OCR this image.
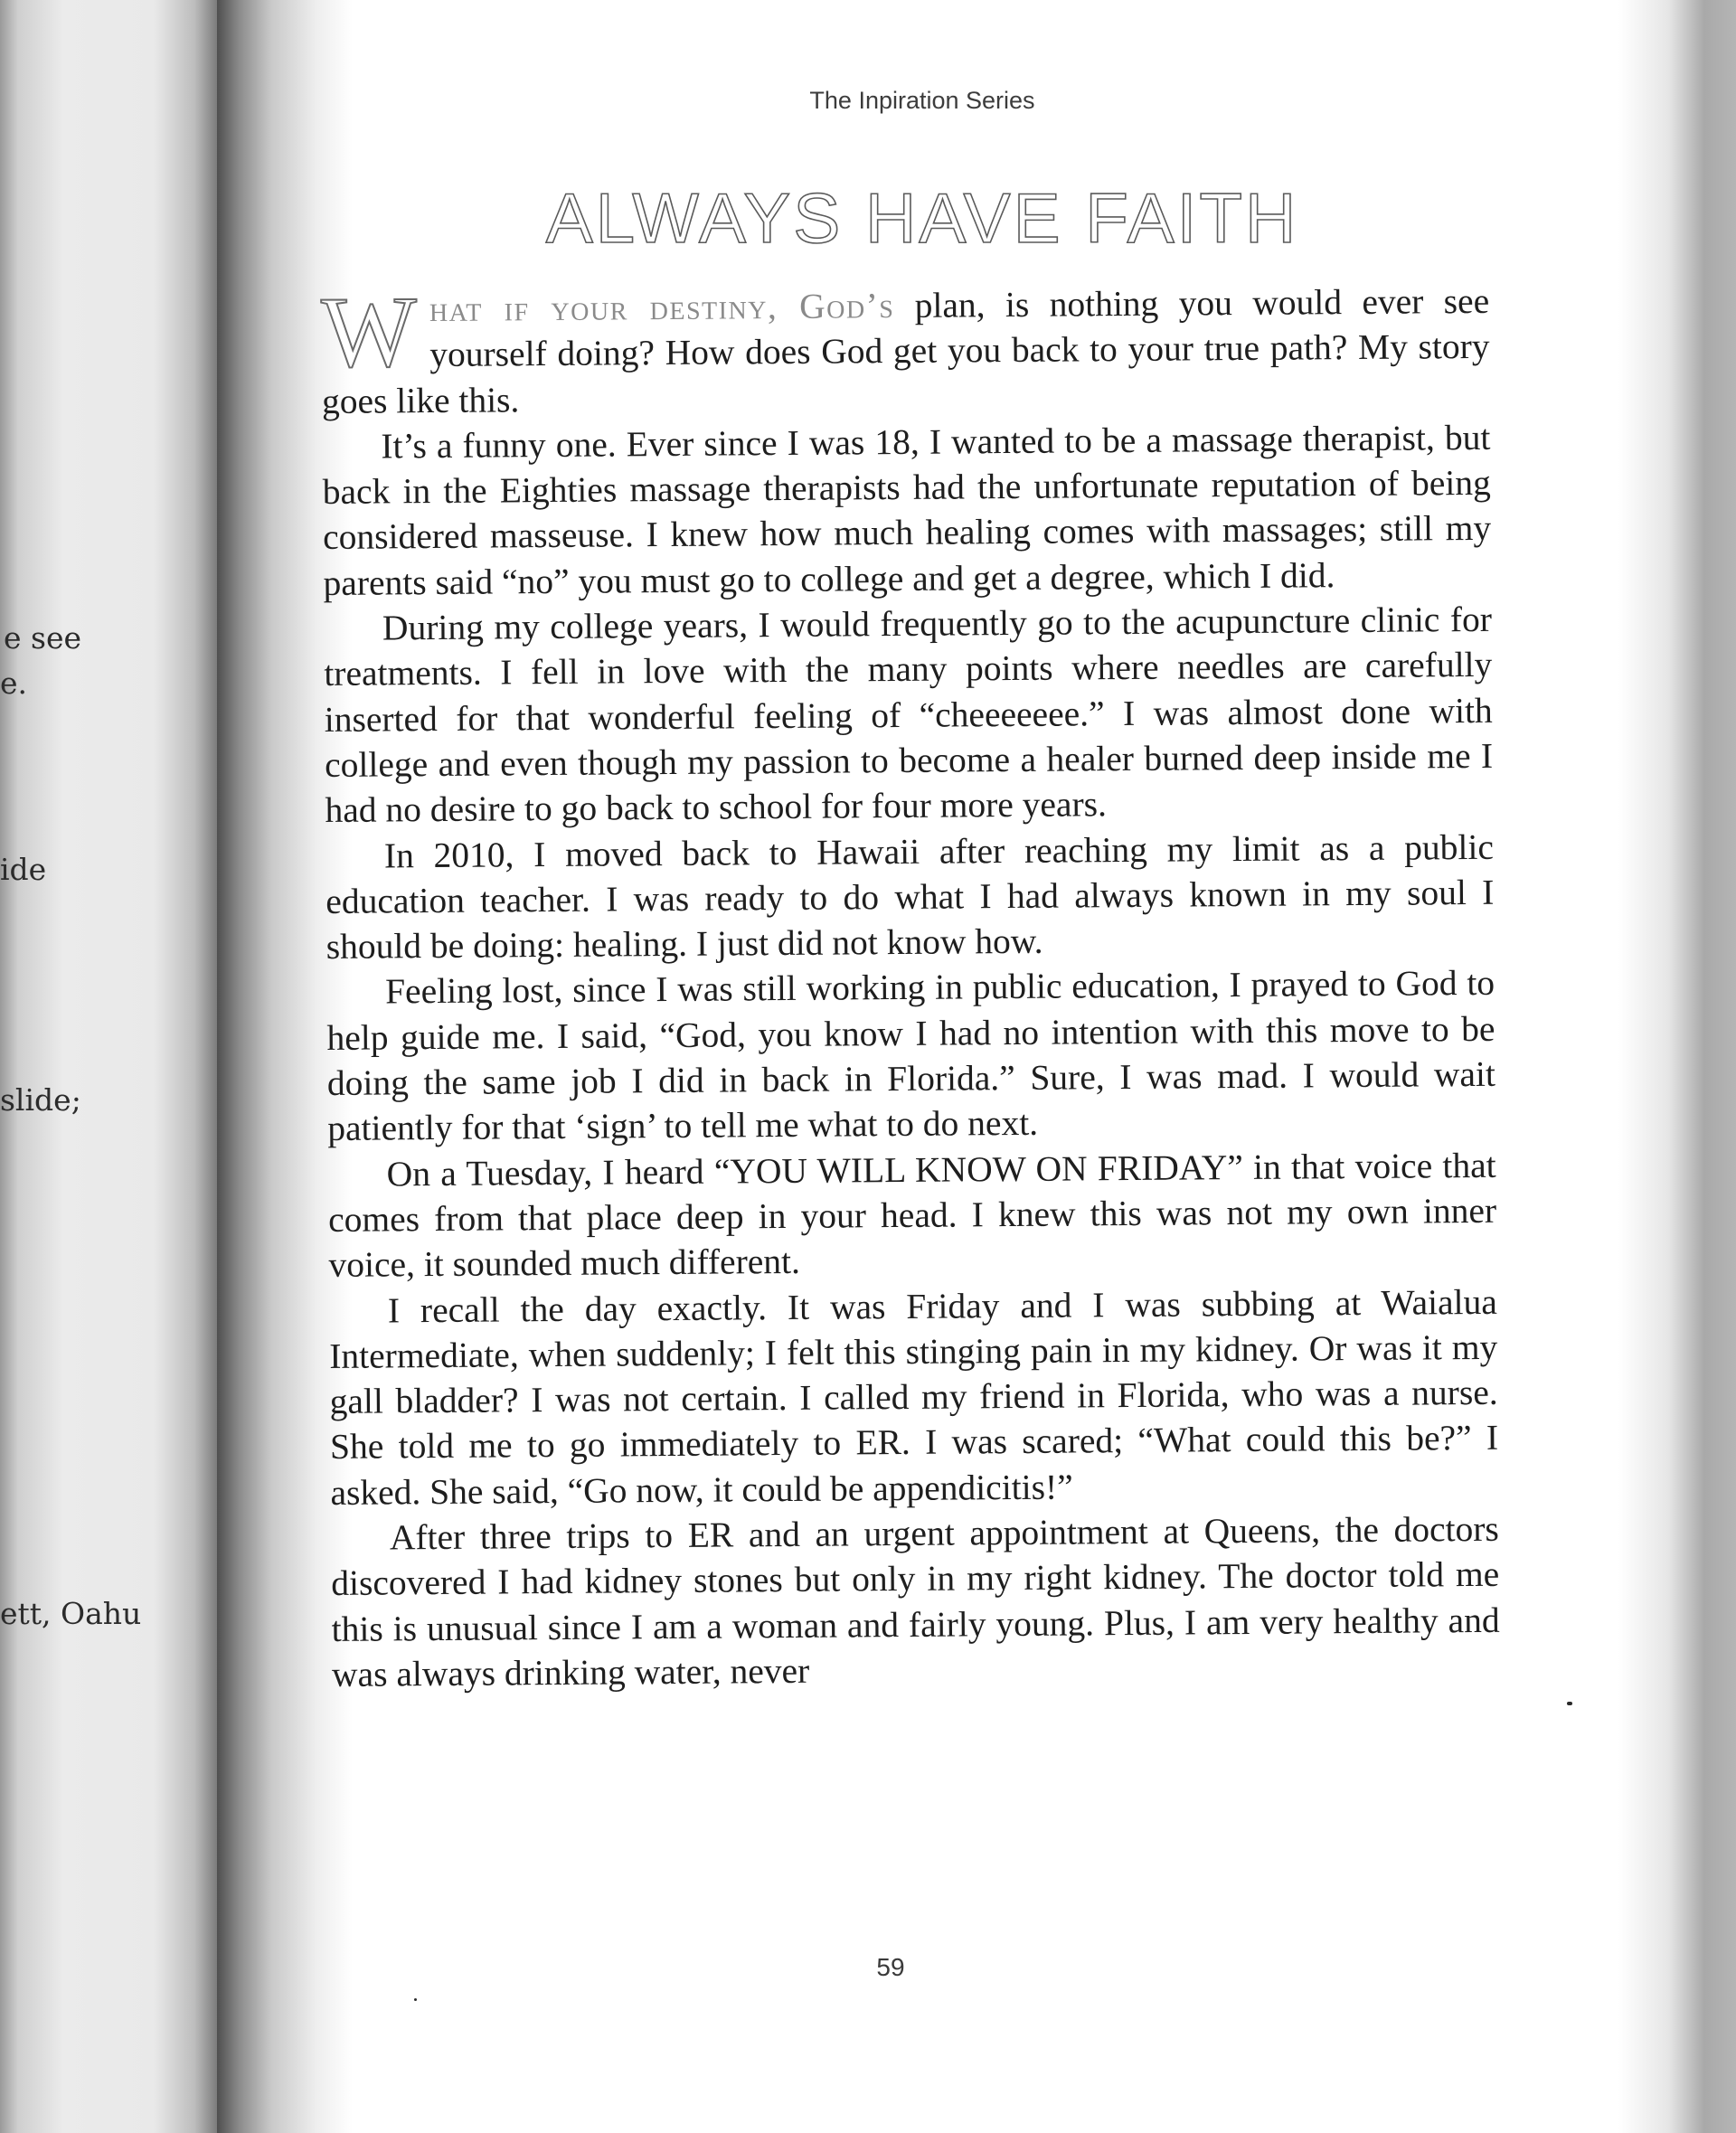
e see
e.
ide
slide;
ett, Oahu
The Inpiration Series
ALWAYS HAVE FAITH

What if your destiny, God’s plan, is nothing you would ever see yourself doing? How does God get you back to your true path? My story goes like this.

It’s a funny one. Ever since I was 18, I wanted to be a massage therapist, but back in the Eighties massage therapists had the unfortunate reputation of being considered masseuse. I knew how much healing comes with massages; still my parents said “no” you must go to college and get a degree, which I did.

During my college years, I would frequently go to the acupuncture clinic for treatments. I fell in love with the many points where needles are carefully inserted for that wonderful feeling of “cheeeeeee.” I was almost done with college and even though my passion to become a healer burned deep inside me I had no desire to go back to school for four more years.

In 2010, I moved back to Hawaii after reaching my limit as a public education teacher. I was ready to do what I had always known in my soul I should be doing: healing. I just did not know how.

Feeling lost, since I was still working in public education, I prayed to God to help guide me. I said, “God, you know I had no intention with this move to be doing the same job I did in back in Florida.” Sure, I was mad. I would wait patiently for that ‘sign’ to tell me what to do next.

On a Tuesday, I heard “YOU WILL KNOW ON FRIDAY” in that voice that comes from that place deep in your head. I knew this was not my own inner voice, it sounded much different.

I recall the day exactly. It was Friday and I was subbing at Waialua Intermediate, when suddenly; I felt this stinging pain in my kidney. Or was it my gall bladder? I was not certain. I called my friend in Florida, who was a nurse. She told me to go immediately to ER. I was scared; “What could this be?” I asked. She said, “Go now, it could be appendicitis!”

After three trips to ER and an urgent appointment at Queens, the doctors discovered I had kidney stones but only in my right kidney. The doctor told me this is unusual since I am a woman and fairly young. Plus, I am very healthy and was always drinking water, never

59
